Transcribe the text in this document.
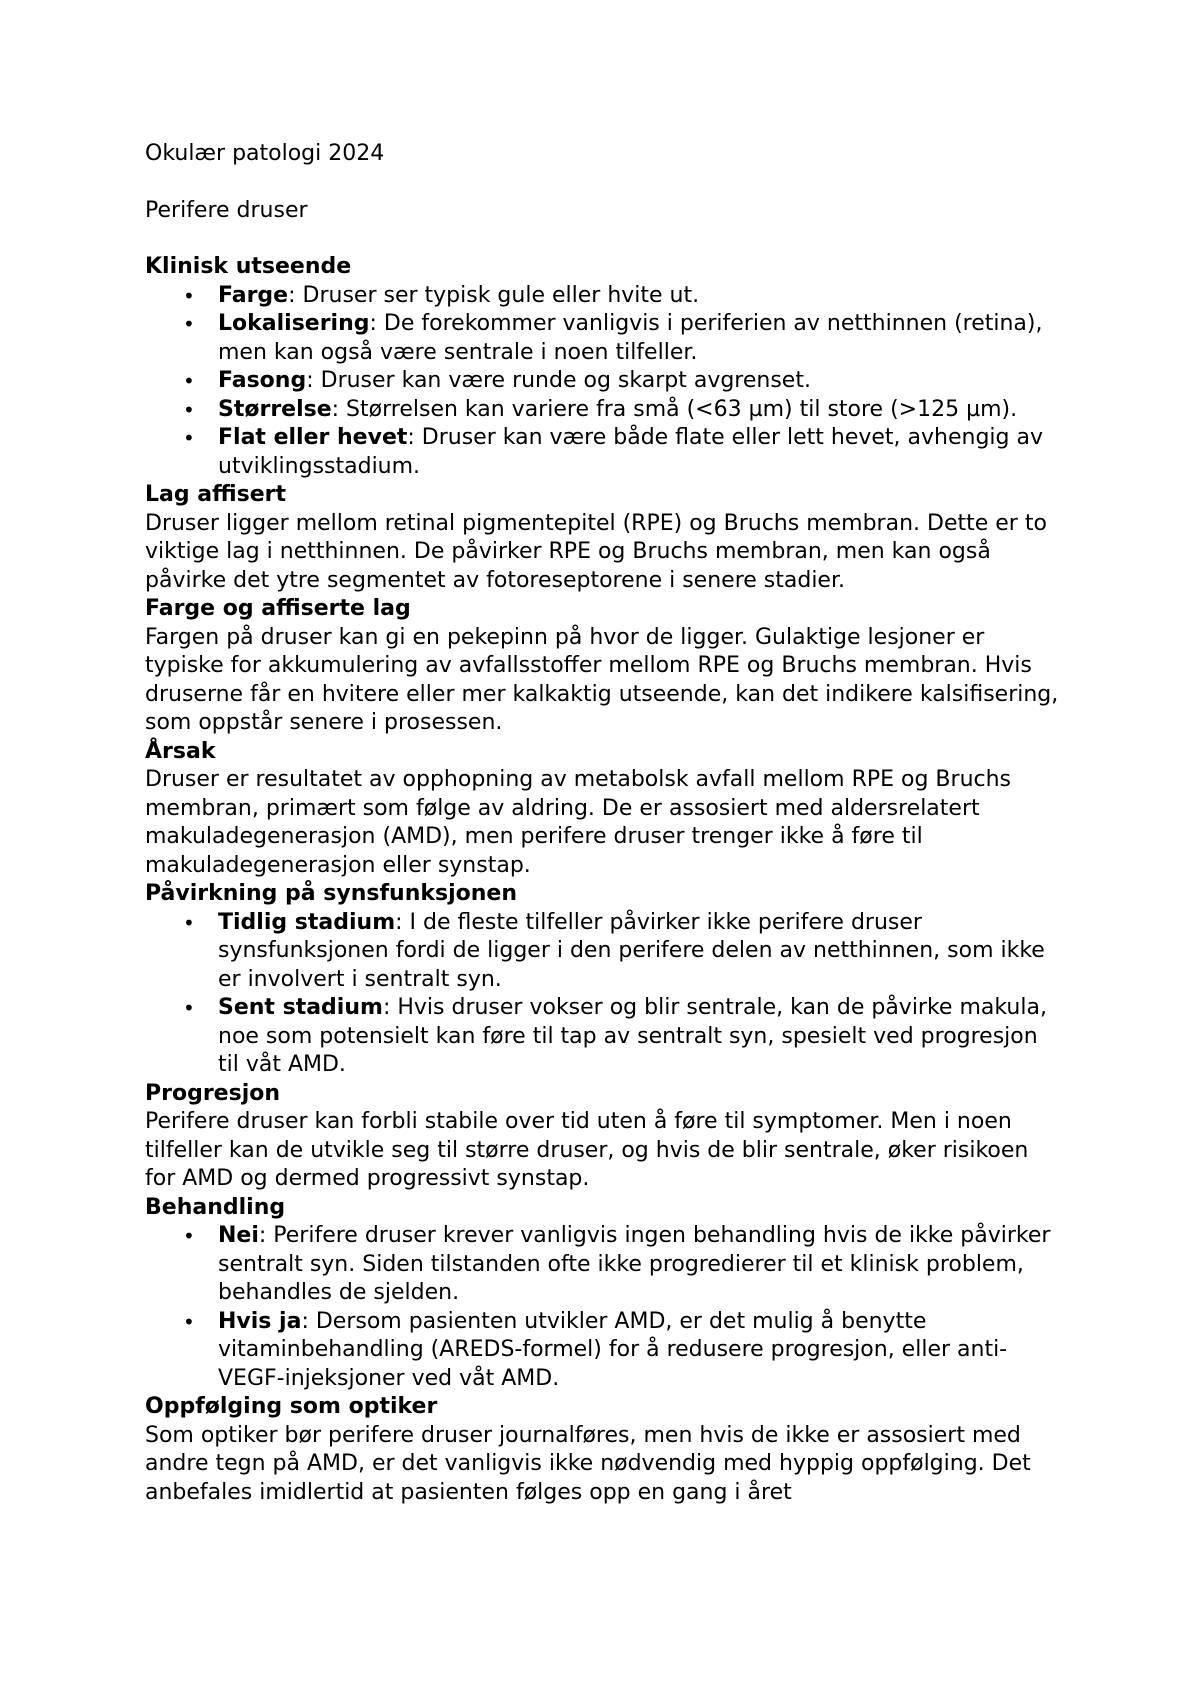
Okulær patologi 2024

Perifere druser

Klinisk utseende
• Farge: Druser ser typisk gule eller hvite ut.
• Lokalisering: De forekommer vanligvis i periferien av netthinnen (retina), men kan også være sentrale i noen tilfeller.
• Fasong: Druser kan være runde og skarpt avgrenset.
• Størrelse: Størrelsen kan variere fra små (<63 µm) til store (>125 µm).
• Flat eller hevet: Druser kan være både flate eller lett hevet, avhengig av utviklingsstadium.
Lag affisert

Druser ligger mellom retinal pigmentepitel (RPE) og Bruchs membran. Dette er to viktige lag i netthinnen. De påvirker RPE og Bruchs membran, men kan også påvirke det ytre segmentet av fotoreseptorene i senere stadier.

Farge og affiserte lag

Fargen på druser kan gi en pekepinn på hvor de ligger. Gulaktige lesjoner er typiske for akkumulering av avfallsstoffer mellom RPE og Bruchs membran. Hvis druserne får en hvitere eller mer kalkaktig utseende, kan det indikere kalsifisering, som oppstår senere i prosessen.

Årsak

Druser er resultatet av opphopning av metabolsk avfall mellom RPE og Bruchs membran, primært som følge av aldring. De er assosiert med aldersrelatert makuladegenerasjon (AMD), men perifere druser trenger ikke å føre til makuladegenerasjon eller synstap.

Påvirkning på synsfunksjonen
• Tidlig stadium: I de fleste tilfeller påvirker ikke perifere druser synsfunksjonen fordi de ligger i den perifere delen av netthinnen, som ikke er involvert i sentralt syn.
• Sent stadium: Hvis druser vokser og blir sentrale, kan de påvirke makula, noe som potensielt kan føre til tap av sentralt syn, spesielt ved progresjon til våt AMD.
Progresjon

Perifere druser kan forbli stabile over tid uten å føre til symptomer. Men i noen tilfeller kan de utvikle seg til større druser, og hvis de blir sentrale, øker risikoen for AMD og dermed progressivt synstap.

Behandling
• Nei: Perifere druser krever vanligvis ingen behandling hvis de ikke påvirker sentralt syn. Siden tilstanden ofte ikke progredierer til et klinisk problem, behandles de sjelden.
• Hvis ja: Dersom pasienten utvikler AMD, er det mulig å benytte vitaminbehandling (AREDS-formel) for å redusere progresjon, eller anti-VEGF-injeksjoner ved våt AMD.
Oppfølging som optiker

Som optiker bør perifere druser journalføres, men hvis de ikke er assosiert med andre tegn på AMD, er det vanligvis ikke nødvendig med hyppig oppfølging. Det anbefales imidlertid at pasienten følges opp en gang i året
